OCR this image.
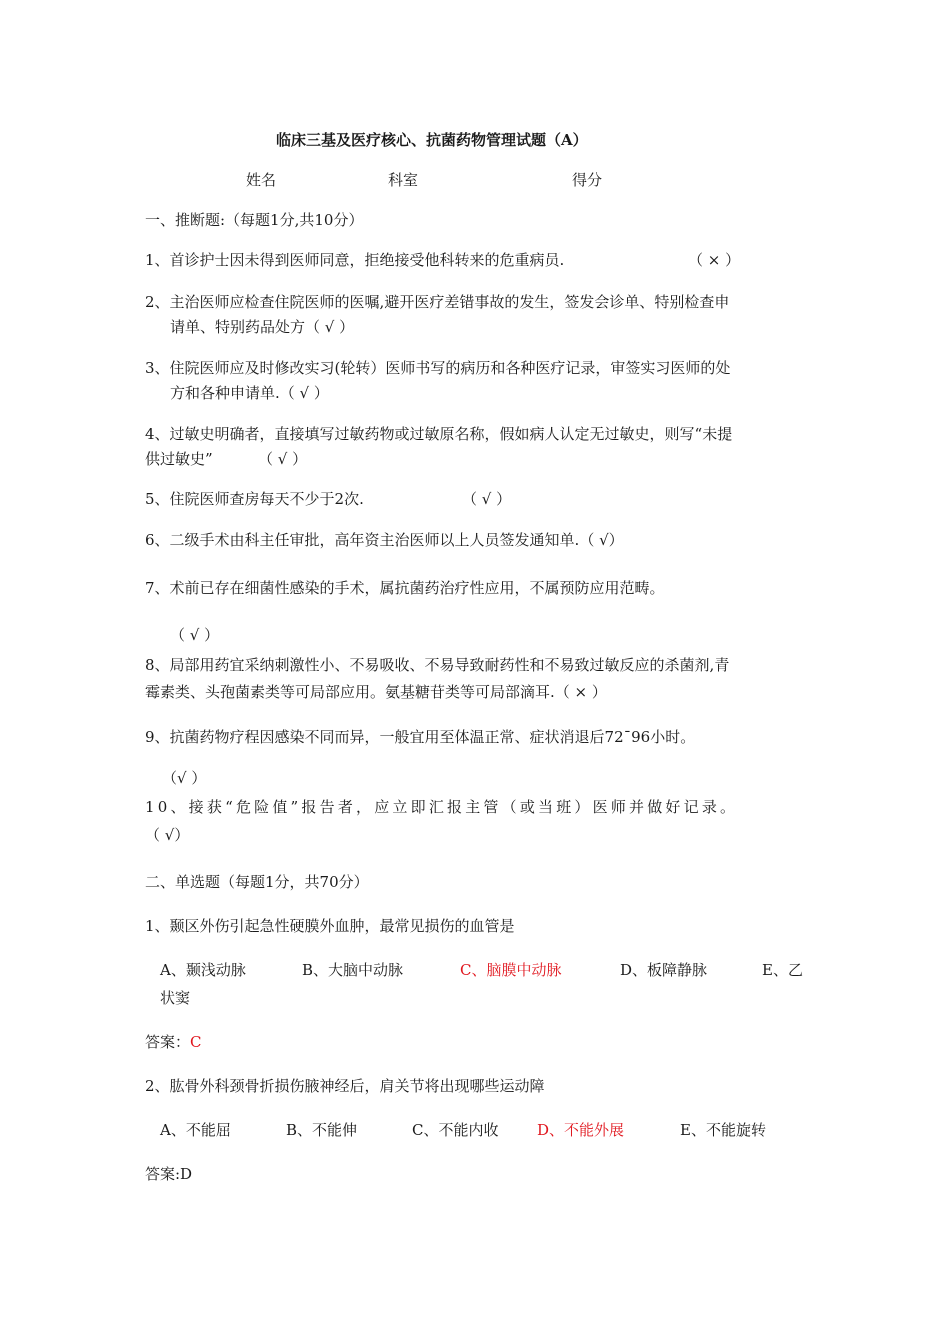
临床三基及医疗核心、抗菌药物管理试题（A）
姓名	科室	得分
一、推断题:（每题1分,共10分）
1、首诊护士因未得到医师同意，拒绝接受他科转来的危重病员.	（ × ）
2、主治医师应检查住院医师的医嘱,避开医疗差错事故的发生，签发会诊单、特别检查申
请单、特别药品处方（ √ ）
3、住院医师应及时修改实习(轮转）医师书写的病历和各种医疗记录，审签实习医师的处
方和各种申请单.（ √ ）
4、过敏史明确者，直接填写过敏药物或过敏原名称，假如病人认定无过敏史，则写“未提
供过敏史”	（ √ ）
5、住院医师查房每天不少于2次.	（ √ ）
6、二级手术由科主任审批，高年资主治医师以上人员签发通知单.（ √）
7、术前已存在细菌性感染的手术，属抗菌药治疗性应用，不属预防应用范畴。
（ √ ）
8、局部用药宜采纳刺激性小、不易吸收、不易导致耐药性和不易致过敏反应的杀菌剂,青
霉素类、头孢菌素类等可局部应用。氨基糖苷类等可局部滴耳.（ × ）
9、抗菌药物疗程因感染不同而异，一般宜用至体温正常、症状消退后72¯96小时。
（√ ）
10、接获“危险值”报告者，应立即汇报主管（或当班）医师并做好记录。
（ √）
二、单选题（每题1分，共70分）
1、颞区外伤引起急性硬膜外血肿，最常见损伤的血管是
A、颞浅动脉	B、大脑中动脉	C、脑膜中动脉	D、板障静脉	E、乙
状窦
答案：C
2、肱骨外科颈骨折损伤腋神经后，肩关节将出现哪些运动障
A、不能屈	B、不能伸	C、不能内收	D、不能外展	E、不能旋转
答案:D
